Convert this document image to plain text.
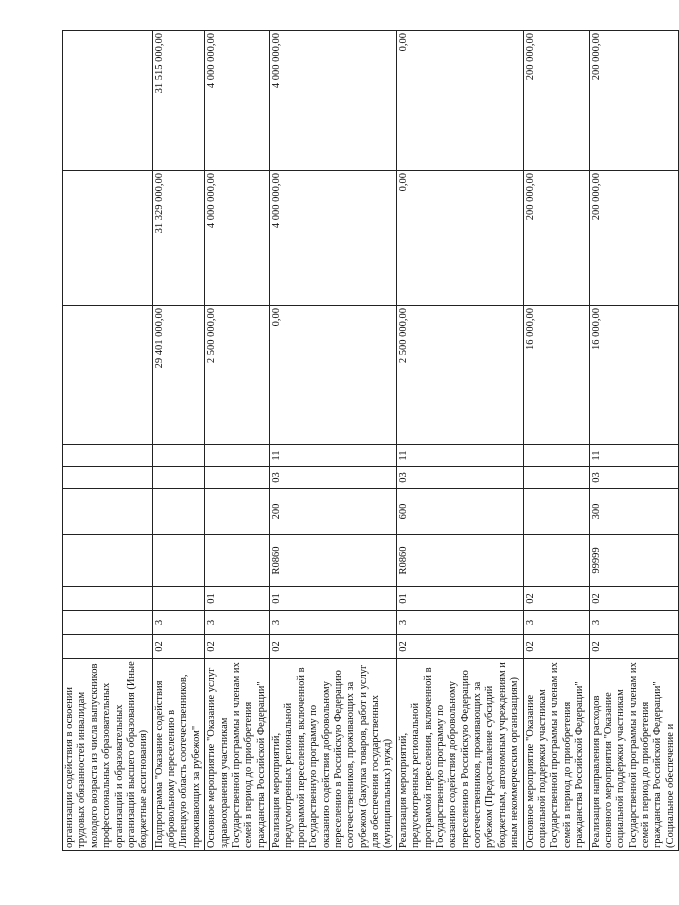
организации содействия в освоении трудовых обязанностей инвалидам молодого возраста из числа выпускников профессиональных образовательных организаций и образовательных организаций высшего образования (Иные бюджетные ассигнования)										
Подпрограмма "Оказание содействия добровольному переселению в Липецкую область соотечественников, проживающих за рубежом"	02	3						29 401 000,00	31 329 000,00	31 515 000,00
Основное мероприятие "Оказание услуг здравоохранения участникам Государственной программы и членам их семей в период до приобретения гражданства Российской Федерации"	02	3	01					2 500 000,00	4 000 000,00	4 000 000,00
Реализация мероприятий, предусмотренных региональной программой переселения, включенной в Государственную программу по оказанию содействия добровольному переселению в Российскую Федерацию соотечественников, проживающих за рубежом (Закупка товаров, работ и услуг для обеспечения государственных (муниципальных) нужд)	02	3	01	R0860	200	03	11	0,00	4 000 000,00	4 000 000,00
Реализация мероприятий, предусмотренных региональной программой переселения, включенной в Государственную программу по оказанию содействия добровольному переселению в Российскую Федерацию соотечественников, проживающих за рубежом (Предоставление субсидий бюджетным, автономным учреждениям и иным некоммерческим организациям)	02	3	01	R0860	600	03	11	2 500 000,00	0,00	0,00
Основное мероприятие "Оказание социальной поддержки участникам Государственной программы и членам их семей в период до приобретения гражданства Российской Федерации"	02	3	02					16 000,00	200 000,00	200 000,00
Реализация направления расходов основного мероприятия "Оказание социальной поддержки участникам Государственной программы и членам их семей в период до приобретения гражданства Российской Федерации" (Социальное обеспечение и	02	3	02	99999	300	03	11	16 000,00	200 000,00	200 000,00
